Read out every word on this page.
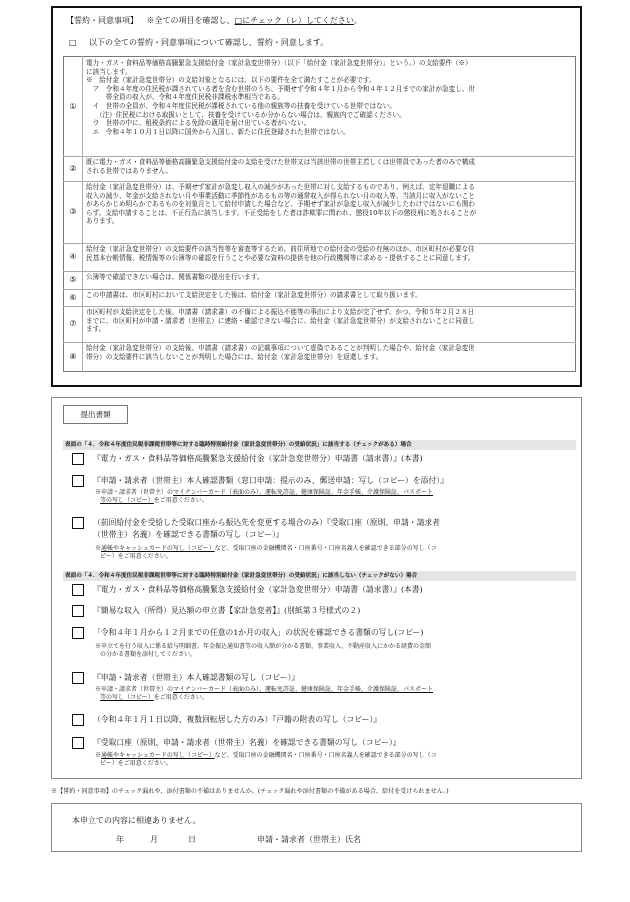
【誓約・同意事項】 ※全ての項目を確認し、□にチェック（レ）してください。
□ 以下の全ての誓約・同意事項について確認し、誓約・同意します。
①
電力・ガス・食料品等価格高騰緊急支援給付金（家計急変世帯分）（以下「給付金（家計急変世帯分）」という。）の支給要件（※）
に該当します。
※　給付金（家計急変世帯分）の支給対象となるには、以下の要件を全て満たすことが必要です。
　ア　令和４年度の住民税が課されている者を含む世帯のうち、予期せず令和４年１月から令和４年１２月までの家計が急変し、世
　　　帯全員の収入が、令和４年度住民税非課税水準相当である。
　イ　世帯の全員が、令和４年度住民税が課税されている他の親族等の扶養を受けている世帯ではない。
　　（注）住民税における取扱いとして、扶養を受けているか分からない場合は、親族内でご確認ください。
　ウ　世帯の中に、租税条約による免除の適用を届け出ている者がいない。
　エ　令和４年１０月１日以降に国外から入国し、新たに住民登録された世帯ではない。
②
既に電力・ガス・食料品等価格高騰緊急支援給付金の支給を受けた世帯又は当該世帯の世帯主若しくは世帯員であった者のみで構成
される世帯ではありません。
③
給付金（家計急変世帯分）は、予期せず家計が急変し収入の減少があった世帯に対し支給するものであり、例えば、定年退職による
収入の減少、年金が支給されない月や事業活動に季節性があるもの等の通常収入が得られない月の収入等、当該月に収入がないこと
があらかじめ明らかであるものを対象月として給付申請した場合など、予期せず家計が急変し収入が減少したわけではないにも関わ
らず、支給申請することは、不正行為に該当します。不正受給をした者は詐欺罪に問われ、懲役10年以下の懲役刑に処されることが
あります。
④
給付金（家計急変世帯分）の支給要件の該当性等を審査等するため、前住所地での給付金の受給の有無のほか、市区町村が必要な住
民基本台帳情報、税情報等の公簿等の確認を行うことや必要な資料の提供を他の行政機関等に求める・提供することに同意します。
⑤	公簿等で確認できない場合は、関係書類の提出を行います。
⑥	この申請書は、市区町村において支給決定をした後は、給付金（家計急変世帯分）の請求書として取り扱います。
⑦
市区町村が支給決定をした後、申請書（請求書）の不備による振込不能等の事由により支給が完了せず、かつ、令和５年２月２８日
までに、市区町村が申請・請求者（世帯主）に連絡・確認できない場合に、給付金（家計急変世帯分）が支給されないことに同意し
ます。
⑧
給付金（家計急変世帯分）の支給後、申請書（請求書）の記載事項について虚偽であることが判明した場合や、給付金（家計急変世
帯分）の支給要件に該当しないことが判明した場合には、給付金（家計急変世帯分）を返還します。
提出書類
表面の「４．令和４年度住民税非課税世帯等に対する臨時特別給付金（家計急変世帯分）の受給状況」に該当する（チェックがある）場合
『電力・ガス・食料品等価格高騰緊急支援給付金（家計急変世帯分）申請書（請求書）』(本書)
『申請・請求者（世帯主）本人確認書類（窓口申請：提示のみ、郵送申請：写し（コピー）を添付）』
※申請・請求者（世帯主）のマイナンバーカード（表面のみ）、運転免許証、健康保険証、年金手帳、介護保険証、パスポート
等の写し（コピー）をご用意ください。
（前回給付金を受給した受取口座から振込先を変更する場合のみ）『受取口座（原則、申請・請求者
（世帯主）名義）を確認できる書類の写し（コピー）』
※通帳やキャッシュカードの写し（コピー）など、受取口座の金融機関名・口座番号・口座名義人を確認できる部分の写し（コ
ピー）をご用意ください。
表面の「４．令和４年度住民税非課税世帯等に対する臨時特別給付金（家計急変世帯分）の受給状況」に該当しない（チェックがない）場合
『電力・ガス・食料品等価格高騰緊急支援給付金（家計急変世帯分）申請書（請求書）』(本書)
『簡易な収入（所得）見込額の申立書【家計急変者】』(別紙第３号様式の２)
「令和４年１月から１２月までの任意の1か月の収入」の状況を確認できる書類の写し(コピー)
※申立てを行う収入に係る給与明細書、年金振込通知書等の収入額が分かる書類、事業収入、不動産収入にかかる経費の金額
の分かる書類を添付してください。
『申請・請求者（世帯主）本人確認書類の写し（コピー）』
※申請・請求者（世帯主）のマイナンバーカード（表面のみ）、運転免許証、健康保険証、年金手帳、介護保険証、パスポート
等の写し（コピー）をご用意ください。
（令和４年１月１日以降、複数回転居した方のみ）『戸籍の附表の写し（コピー）』
『受取口座（原則、申請・請求者（世帯主）名義）を確認できる書類の写し（コピー）』
※通帳やキャッシュカードの写し（コピー）など、受取口座の金融機関名・口座番号・口座名義人を確認できる部分の写し（コ
ピー）をご用意ください。
※【誓約・同意事項】のチェック漏れや、添付書類の不備はありませんか。(チェック漏れや添付書類の不備がある場合、給付を受けられません。)
本申立ての内容に相違ありません。
年	月	日	申請・請求者（世帯主）氏名
